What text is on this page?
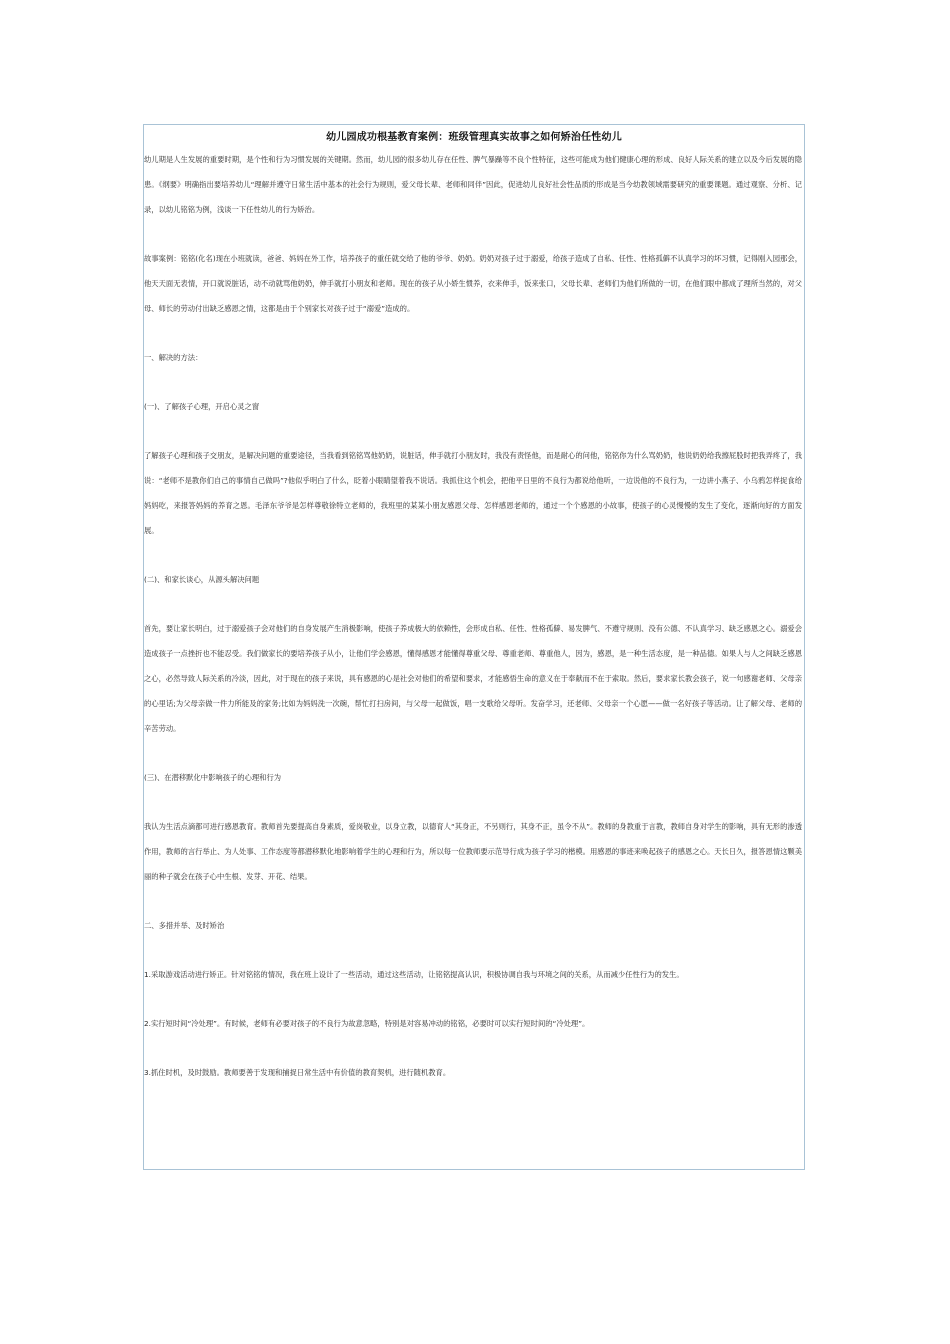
幼儿园成功根基教育案例：班级管理真实故事之如何矫治任性幼儿

幼儿期是人生发展的重要时期，是个性和行为习惯发展的关键期。然而，幼儿园的很多幼儿存在任性、脾气暴躁等不良个性特征，这些可能成为他们健康心理的形成、良好人际关系的建立以及今后发展的隐患。《纲要》明确指出要培养幼儿“理解并遵守日常生活中基本的社会行为规则，爱父母长辈、老师和同伴”因此，促进幼儿良好社会性品质的形成是当今幼教领域需要研究的重要课题。通过观察、分析、记录，以幼儿铭铭为例，浅谈一下任性幼儿的行为矫治。

故事案例：铭铭(化名)现在小班就读，爸爸、妈妈在外工作，培养孩子的重任就交给了他的爷爷、奶奶。奶奶对孩子过于溺爱，给孩子造成了自私、任性、性格孤僻不认真学习的坏习惯，记得刚入园那会，他天天面无表情，开口就说脏话，动不动就骂他奶奶，伸手就打小朋友和老师。现在的孩子从小娇生惯养，衣来伸手，饭来张口，父母长辈、老师们为他们所做的一切，在他们眼中都成了理所当然的，对父母、师长的劳动付出缺乏感恩之情，这都是由于个别家长对孩子过于“溺爱”造成的。

一、解决的方法：

(一)、了解孩子心理，开启心灵之窗

了解孩子心理和孩子交朋友，是解决问题的重要途径，当我看到铭铭骂他奶奶，说脏话，伸手就打小朋友时，我没有责怪他，而是耐心的问他，铭铭你为什么骂奶奶，他说奶奶给我擦屁股时把我弄疼了，我说：“老师不是教你们自己的事情自己做吗”?他似乎明白了什么，眨着小眼睛望着我不说话。我抓住这个机会，把他平日里的不良行为都说给他听，一边说他的不良行为，一边讲小燕子、小乌鸦怎样捉食给妈妈吃，来报答妈妈的养育之恩。毛泽东爷爷是怎样尊敬徐特立老师的，我班里的某某小朋友感恩父母、怎样感恩老师的，通过一个个感恩的小故事，使孩子的心灵慢慢的发生了变化，逐渐向好的方面发展。

(二)、和家长谈心，从源头解决问题

首先，要让家长明白，过于溺爱孩子会对他们的自身发展产生消极影响，使孩子养成极大的依赖性，会形成自私、任性、性格孤僻、易发脾气、不遵守规则、没有公德、不认真学习、缺乏感恩之心。溺爱会造成孩子一点挫折也不能忍受。我们做家长的要培养孩子从小，让他们学会感恩，懂得感恩才能懂得尊重父母、尊重老师、尊重他人，因为，感恩，是一种生活态度，是一种品德。如果人与人之间缺乏感恩之心，必然导致人际关系的冷淡，因此，对于现在的孩子来说，具有感恩的心是社会对他们的希望和要求，才能感悟生命的意义在于奉献而不在于索取。然后，要求家长教会孩子，说一句感谢老师、父母亲的心里话;为父母亲做一件力所能及的家务;比如为妈妈洗一次碗，帮忙打扫房间，与父母一起做饭，唱一支歌给父母听。发奋学习，还老师、父母亲一个心愿——做一名好孩子等活动。让了解父母、老师的辛苦劳动。

(三)、在潜移默化中影响孩子的心理和行为

我认为生活点滴都可进行感恩教育。教师首先要提高自身素质，爱岗敬业，以身立教，以德育人“其身正，不另则行，其身不正，虽令不从”。教师的身教重于言教，教师自身对学生的影响，具有无形的渗透作用，教师的言行举止、为人处事、工作态度等都潜移默化地影响着学生的心理和行为，所以每一位教师要示范导行成为孩子学习的楷模。用感恩的事迹来唤起孩子的感恩之心。天长日久，报答恩情这颗美丽的种子就会在孩子心中生根、发芽、开花、结果。

二、多措并举、及时矫治

1.采取游戏活动进行矫正。针对铭铭的情况，我在班上设计了一些活动，通过这些活动，让铭铭提高认识，积极协调自我与环境之间的关系，从而减少任性行为的发生。

2.实行短时间“冷处理”。有时候，老师有必要对孩子的不良行为故意忽略，特别是对容易冲动的铭铭，必要时可以实行短时间的“冷处理”。

3.抓住时机，及时鼓励。教师要善于发现和捕捉日常生活中有价值的教育契机，进行随机教育。
